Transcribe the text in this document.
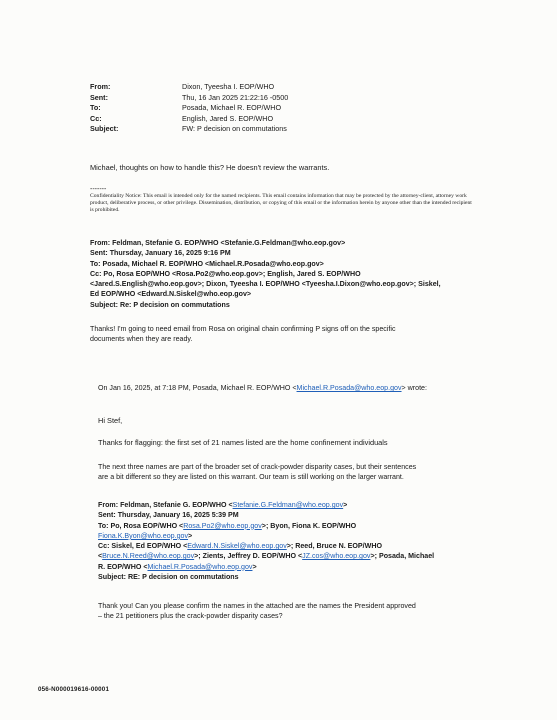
From:	Dixon, Tyeesha I. EOP/WHO
Sent:	Thu, 16 Jan 2025 21:22:16 -0500
To:	Posada, Michael R. EOP/WHO
Cc:	English, Jared S. EOP/WHO
Subject:	FW: P decision on commutations
Michael, thoughts on how to handle this? He doesn't review the warrants.
-------
Confidentiality Notice: This email is intended only for the named recipients. This email contains information that may be protected by the attorney-client, attorney work product, deliberative process, or other privilege. Dissemination, distribution, or copying of this email or the information herein by anyone other than the intended recipient is prohibited.
From: Feldman, Stefanie G. EOP/WHO <Stefanie.G.Feldman@who.eop.gov>
Sent: Thursday, January 16, 2025 9:16 PM
To: Posada, Michael R. EOP/WHO <Michael.R.Posada@who.eop.gov>
Cc: Po, Rosa EOP/WHO <Rosa.Po2@who.eop.gov>; English, Jared S. EOP/WHO
<Jared.S.English@who.eop.gov>; Dixon, Tyeesha I. EOP/WHO <Tyeesha.I.Dixon@who.eop.gov>; Siskel,
Ed EOP/WHO <Edward.N.Siskel@who.eop.gov>
Subject: Re: P decision on commutations
Thanks! I'm going to need email from Rosa on original chain confirming P signs off on the specific
documents when they are ready.
On Jan 16, 2025, at 7:18 PM, Posada, Michael R. EOP/WHO <Michael.R.Posada@who.eop.gov> wrote:
Hi Stef,
Thanks for flagging: the first set of 21 names listed are the home confinement individuals
The next three names are part of the broader set of crack-powder disparity cases, but their sentences
are a bit different so they are listed on this warrant. Our team is still working on the larger warrant.
From: Feldman, Stefanie G. EOP/WHO <Stefanie.G.Feldman@who.eop.gov>
Sent: Thursday, January 16, 2025 5:39 PM
To: Po, Rosa EOP/WHO <Rosa.Po2@who.eop.gov>; Byon, Fiona K. EOP/WHO
Fiona.K.Byon@who.eop.gov>
Cc: Siskel, Ed EOP/WHO <Edward.N.Siskel@who.eop.gov>; Reed, Bruce N. EOP/WHO
<Bruce.N.Reed@who.eop.gov>; Zients, Jeffrey D. EOP/WHO <JZ.cos@who.eop.gov>; Posada, Michael
R. EOP/WHO <Michael.R.Posada@who.eop.gov>
Subject: RE: P decision on commutations
Thank you! Can you please confirm the names in the attached are the names the President approved
– the 21 petitioners plus the crack-powder disparity cases?
056-N000019616-00001
